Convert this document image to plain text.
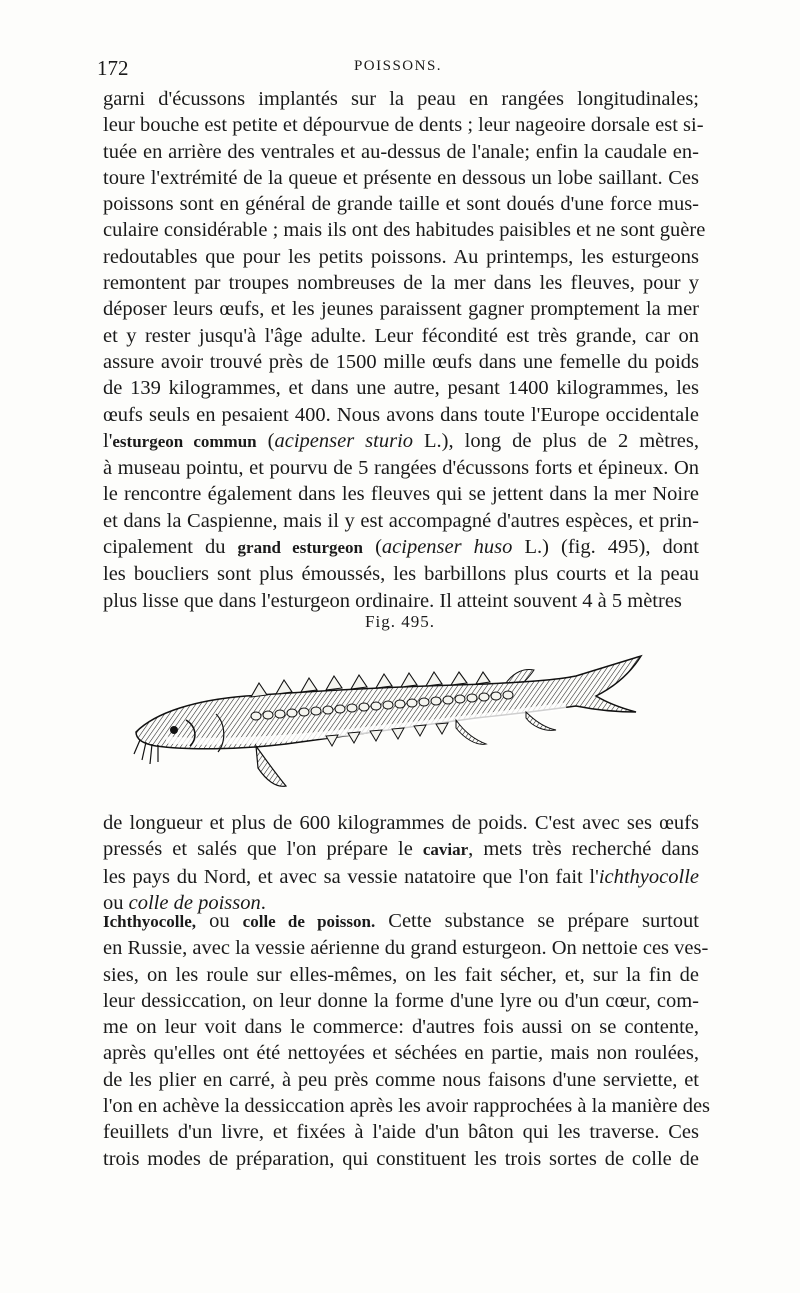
172	POISSONS.

garni d'écussons implantés sur la peau en rangées longitudinales;
leur bouche est petite et dépourvue de dents ; leur nageoire dorsale est si-
tuée en arrière des ventrales et au-dessus de l'anale; enfin la caudale en-
toure l'extrémité de la queue et présente en dessous un lobe saillant. Ces
poissons sont en général de grande taille et sont doués d'une force mus-
culaire considérable ; mais ils ont des habitudes paisibles et ne sont guère
redoutables que pour les petits poissons. Au printemps, les esturgeons
remontent par troupes nombreuses de la mer dans les fleuves, pour y
déposer leurs œufs, et les jeunes paraissent gagner promptement la mer
et y rester jusqu'à l'âge adulte. Leur fécondité est très grande, car on
assure avoir trouvé près de 1500 mille œufs dans une femelle du poids
de 139 kilogrammes, et dans une autre, pesant 1400 kilogrammes, les
œufs seuls en pesaient 400. Nous avons dans toute l'Europe occidentale
l'esturgeon commun (acipenser sturio L.), long de plus de 2 mètres,
à museau pointu, et pourvu de 5 rangées d'écussons forts et épineux. On
le rencontre également dans les fleuves qui se jettent dans la mer Noire
et dans la Caspienne, mais il y est accompagné d'autres espèces, et prin-
cipalement du grand esturgeon (acipenser huso L.) (fig. 495), dont
les boucliers sont plus émoussés, les barbillons plus courts et la peau
plus lisse que dans l'esturgeon ordinaire. Il atteint souvent 4 à 5 mètres

Fig. 495.

de longueur et plus de 600 kilogrammes de poids. C'est avec ses œufs
pressés et salés que l'on prépare le caviar, mets très recherché dans
les pays du Nord, et avec sa vessie natatoire que l'on fait l'ichthyocolle
ou colle de poisson.

Ichthyocolle, ou colle de poisson. Cette substance se prépare surtout
en Russie, avec la vessie aérienne du grand esturgeon. On nettoie ces ves-
sies, on les roule sur elles-mêmes, on les fait sécher, et, sur la fin de
leur dessiccation, on leur donne la forme d'une lyre ou d'un cœur, com-
me on leur voit dans le commerce: d'autres fois aussi on se contente,
après qu'elles ont été nettoyées et séchées en partie, mais non roulées,
de les plier en carré, à peu près comme nous faisons d'une serviette, et
l'on en achève la dessiccation après les avoir rapprochées à la manière des
feuillets d'un livre, et fixées à l'aide d'un bâton qui les traverse. Ces
trois modes de préparation, qui constituent les trois sortes de colle de
